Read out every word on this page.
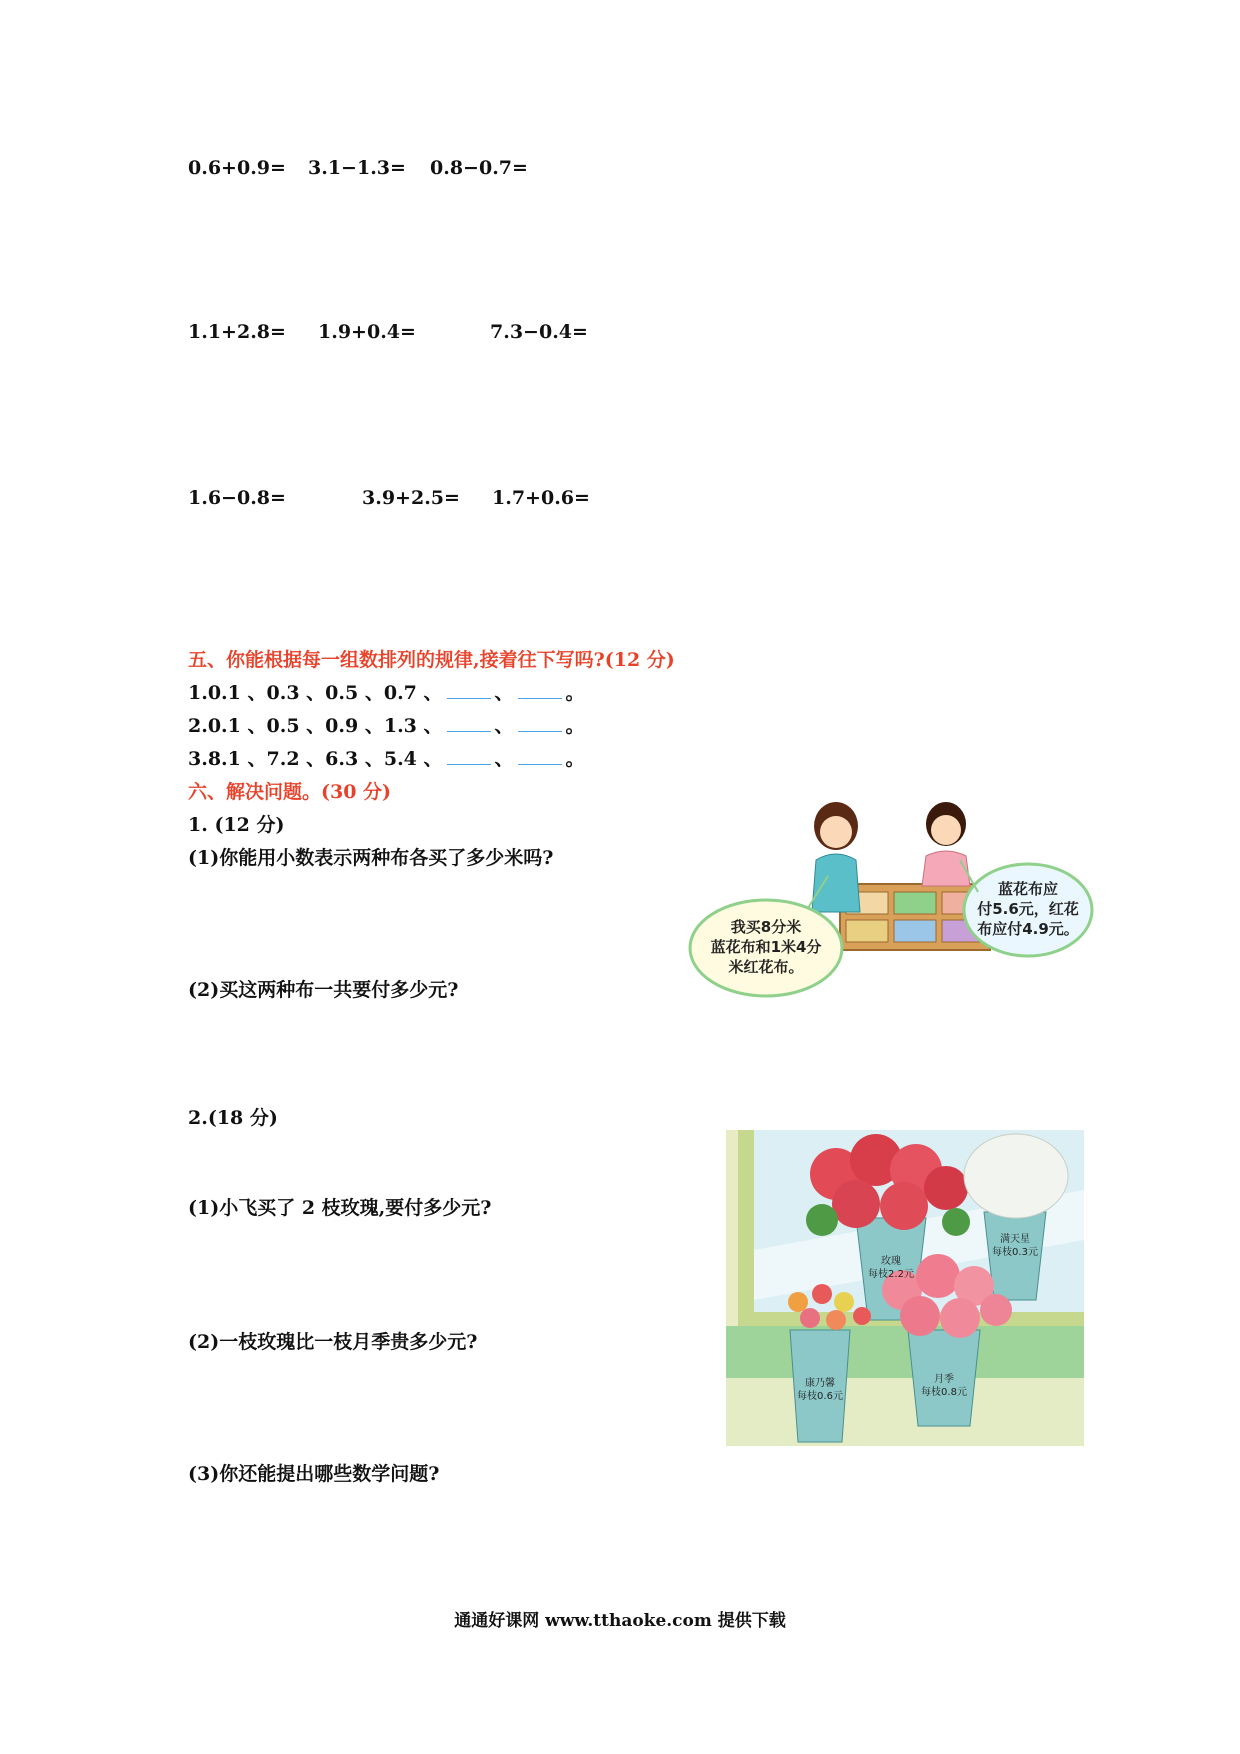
0.6+0.9= 3.1−1.3= 0.8−0.7=
1.1+2.8= 1.9+0.4=	7.3−0.4=
1.6−0.8=	3.9+2.5= 1.7+0.6=
五、你能根据每一组数排列的规律,接着往下写吗?(12 分)
1.0.1 、0.3 、0.5 、0.7 、	、	。
2.0.1 、0.5 、0.9 、1.3 、	、	。
3.8.1 、7.2 、6.3 、5.4 、	、	。
六、解决问题。(30 分)
1. (12 分)
(1)你能用小数表示两种布各买了多少米吗?
(2)买这两种布一共要付多少元?
我买8分米
蓝花布和1米4分
米红花布。
蓝花布应
付5.6元，红花
布应付4.9元。
2.(18 分)
(1)小飞买了 2 枝玫瑰,要付多少元?
(2)一枝玫瑰比一枝月季贵多少元?
(3)你还能提出哪些数学问题?
玫瑰
每枝2.2元
满天星
每枝0.3元
康乃馨
每枝0.6元
月季
每枝0.8元
通通好课网 www.tthaoke.com 提供下载
